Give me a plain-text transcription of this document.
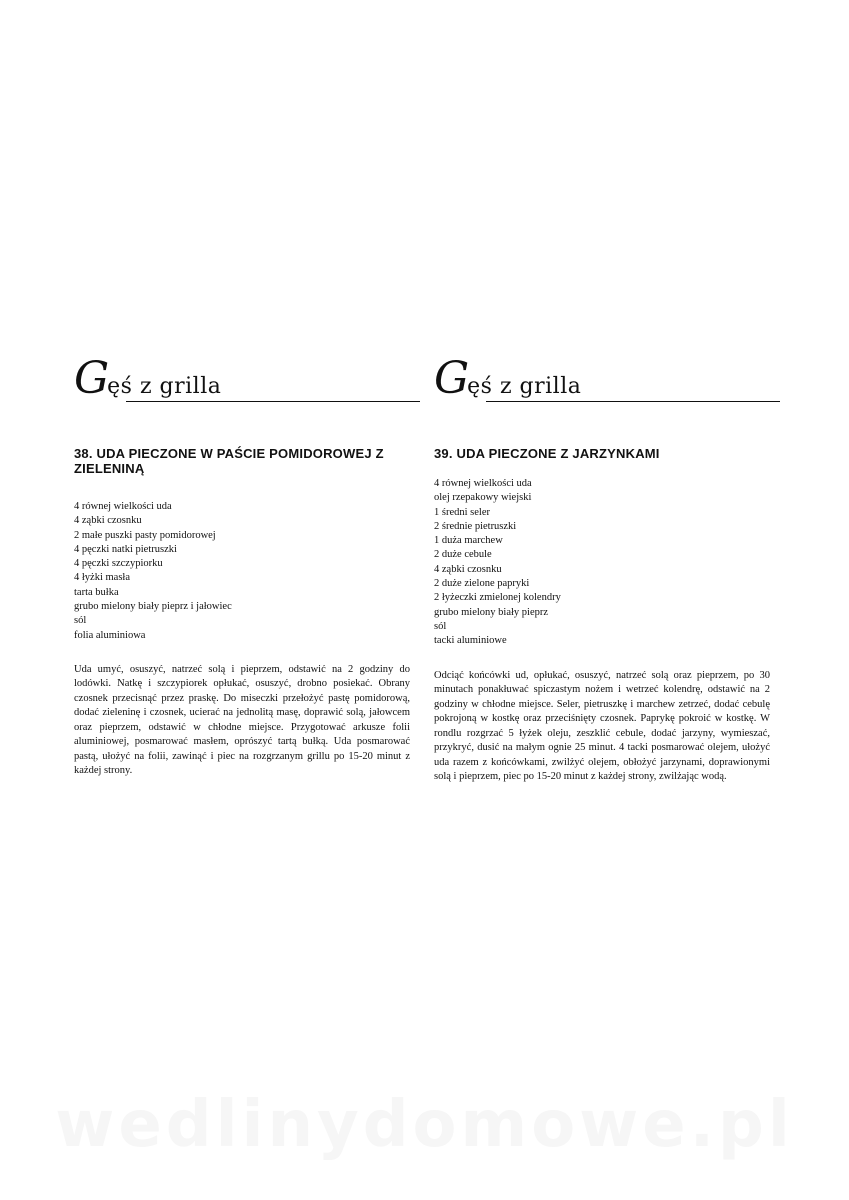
Gęś z grilla
38. UDA PIECZONE W PAŚCIE POMIDOROWEJ Z ZIELENINĄ
4 równej wielkości uda
4 ząbki czosnku
2 małe puszki pasty pomidorowej
4 pęczki natki pietruszki
4 pęczki szczypiorku
4 łyżki masła
tarta bułka
grubo mielony biały pieprz i jałowiec
sól
folia aluminiowa

Uda umyć, osuszyć, natrzeć solą i pieprzem, odstawić na 2 godziny do lodówki. Natkę i szczypiorek opłukać, osuszyć, drobno posiekać. Obrany czosnek przecisnąć przez praskę. Do miseczki przełożyć pastę pomidorową, dodać zieleninę i czosnek, ucierać na jednolitą masę, doprawić solą, jałowcem oraz pieprzem, odstawić w chłodne miejsce. Przygotować arkusze folii aluminiowej, posmarować masłem, oprószyć tartą bułką. Uda posmarować pastą, ułożyć na folii, zawinąć i piec na rozgrzanym grillu po 15-20 minut z każdej strony.

Gęś z grilla
39. UDA PIECZONE Z JARZYNKAMI
4 równej wielkości uda
olej rzepakowy wiejski
1 średni seler
2 średnie pietruszki
1 duża marchew
2 duże cebule
4 ząbki czosnku
2 duże zielone papryki
2 łyżeczki zmielonej kolendry
grubo mielony biały pieprz
sól
tacki aluminiowe

Odciąć końcówki ud, opłukać, osuszyć, natrzeć solą oraz pieprzem, po 30 minutach ponakłuwać spiczastym nożem i wetrzeć kolendrę, odstawić na 2 godziny w chłodne miejsce. Seler, pietruszkę i marchew zetrzeć, dodać cebulę pokrojoną w kostkę oraz przeciśnięty czosnek. Paprykę pokroić w kostkę. W rondlu rozgrzać 5 łyżek oleju, zeszklić cebule, dodać jarzyny, wymieszać, przykryć, dusić na małym ognie 25 minut. 4 tacki posmarować olejem, ułożyć uda razem z końcówkami, zwilżyć olejem, obłożyć jarzynami, doprawionymi solą i pieprzem, piec po 15-20 minut z każdej strony, zwilżając wodą.

wedlinydomowe.pl
